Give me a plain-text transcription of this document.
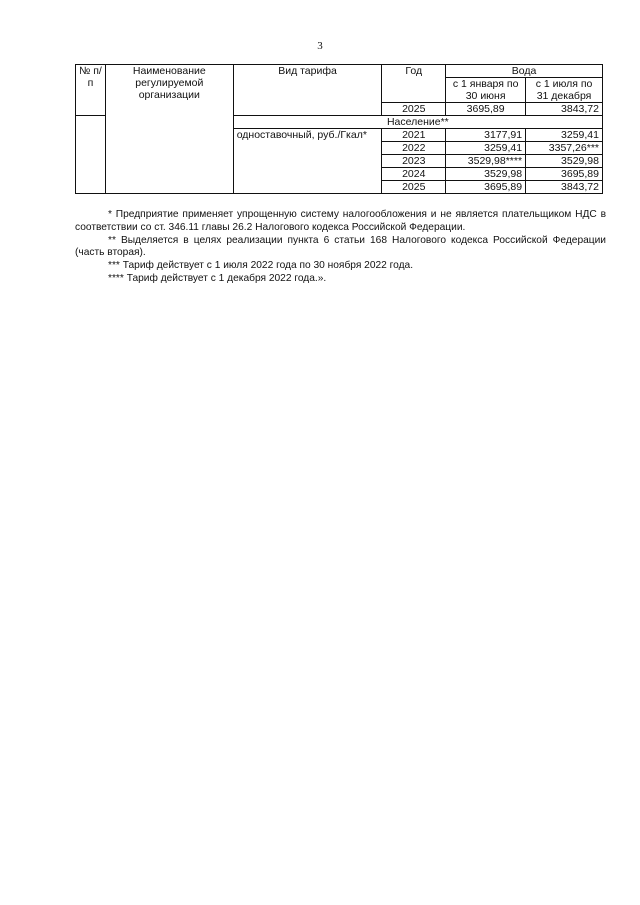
3
№ п/п	Наименование регулируемой организации	Вид тарифа	Год	Вода	
				с 1 января по 30 июня	с 1 июля по 31 декабря
			2025	3695,89	3843,72
		Население**			
		одноставочный, руб./Гкал*	2021	3177,91	3259,41
			2022	3259,41	3357,26***
			2023	3529,98****	3529,98
			2024	3529,98	3695,89
			2025	3695,89	3843,72

* Предприятие применяет упрощенную систему налогообложения и не является плательщиком НДС в соответствии со ст. 346.11 главы 26.2 Налогового кодекса Российской Федерации.

** Выделяется в целях реализации пункта 6 статьи 168 Налогового кодекса Российской Федерации (часть вторая).

*** Тариф действует с 1 июля 2022 года по 30 ноября 2022 года.

**** Тариф действует с 1 декабря 2022 года.».
